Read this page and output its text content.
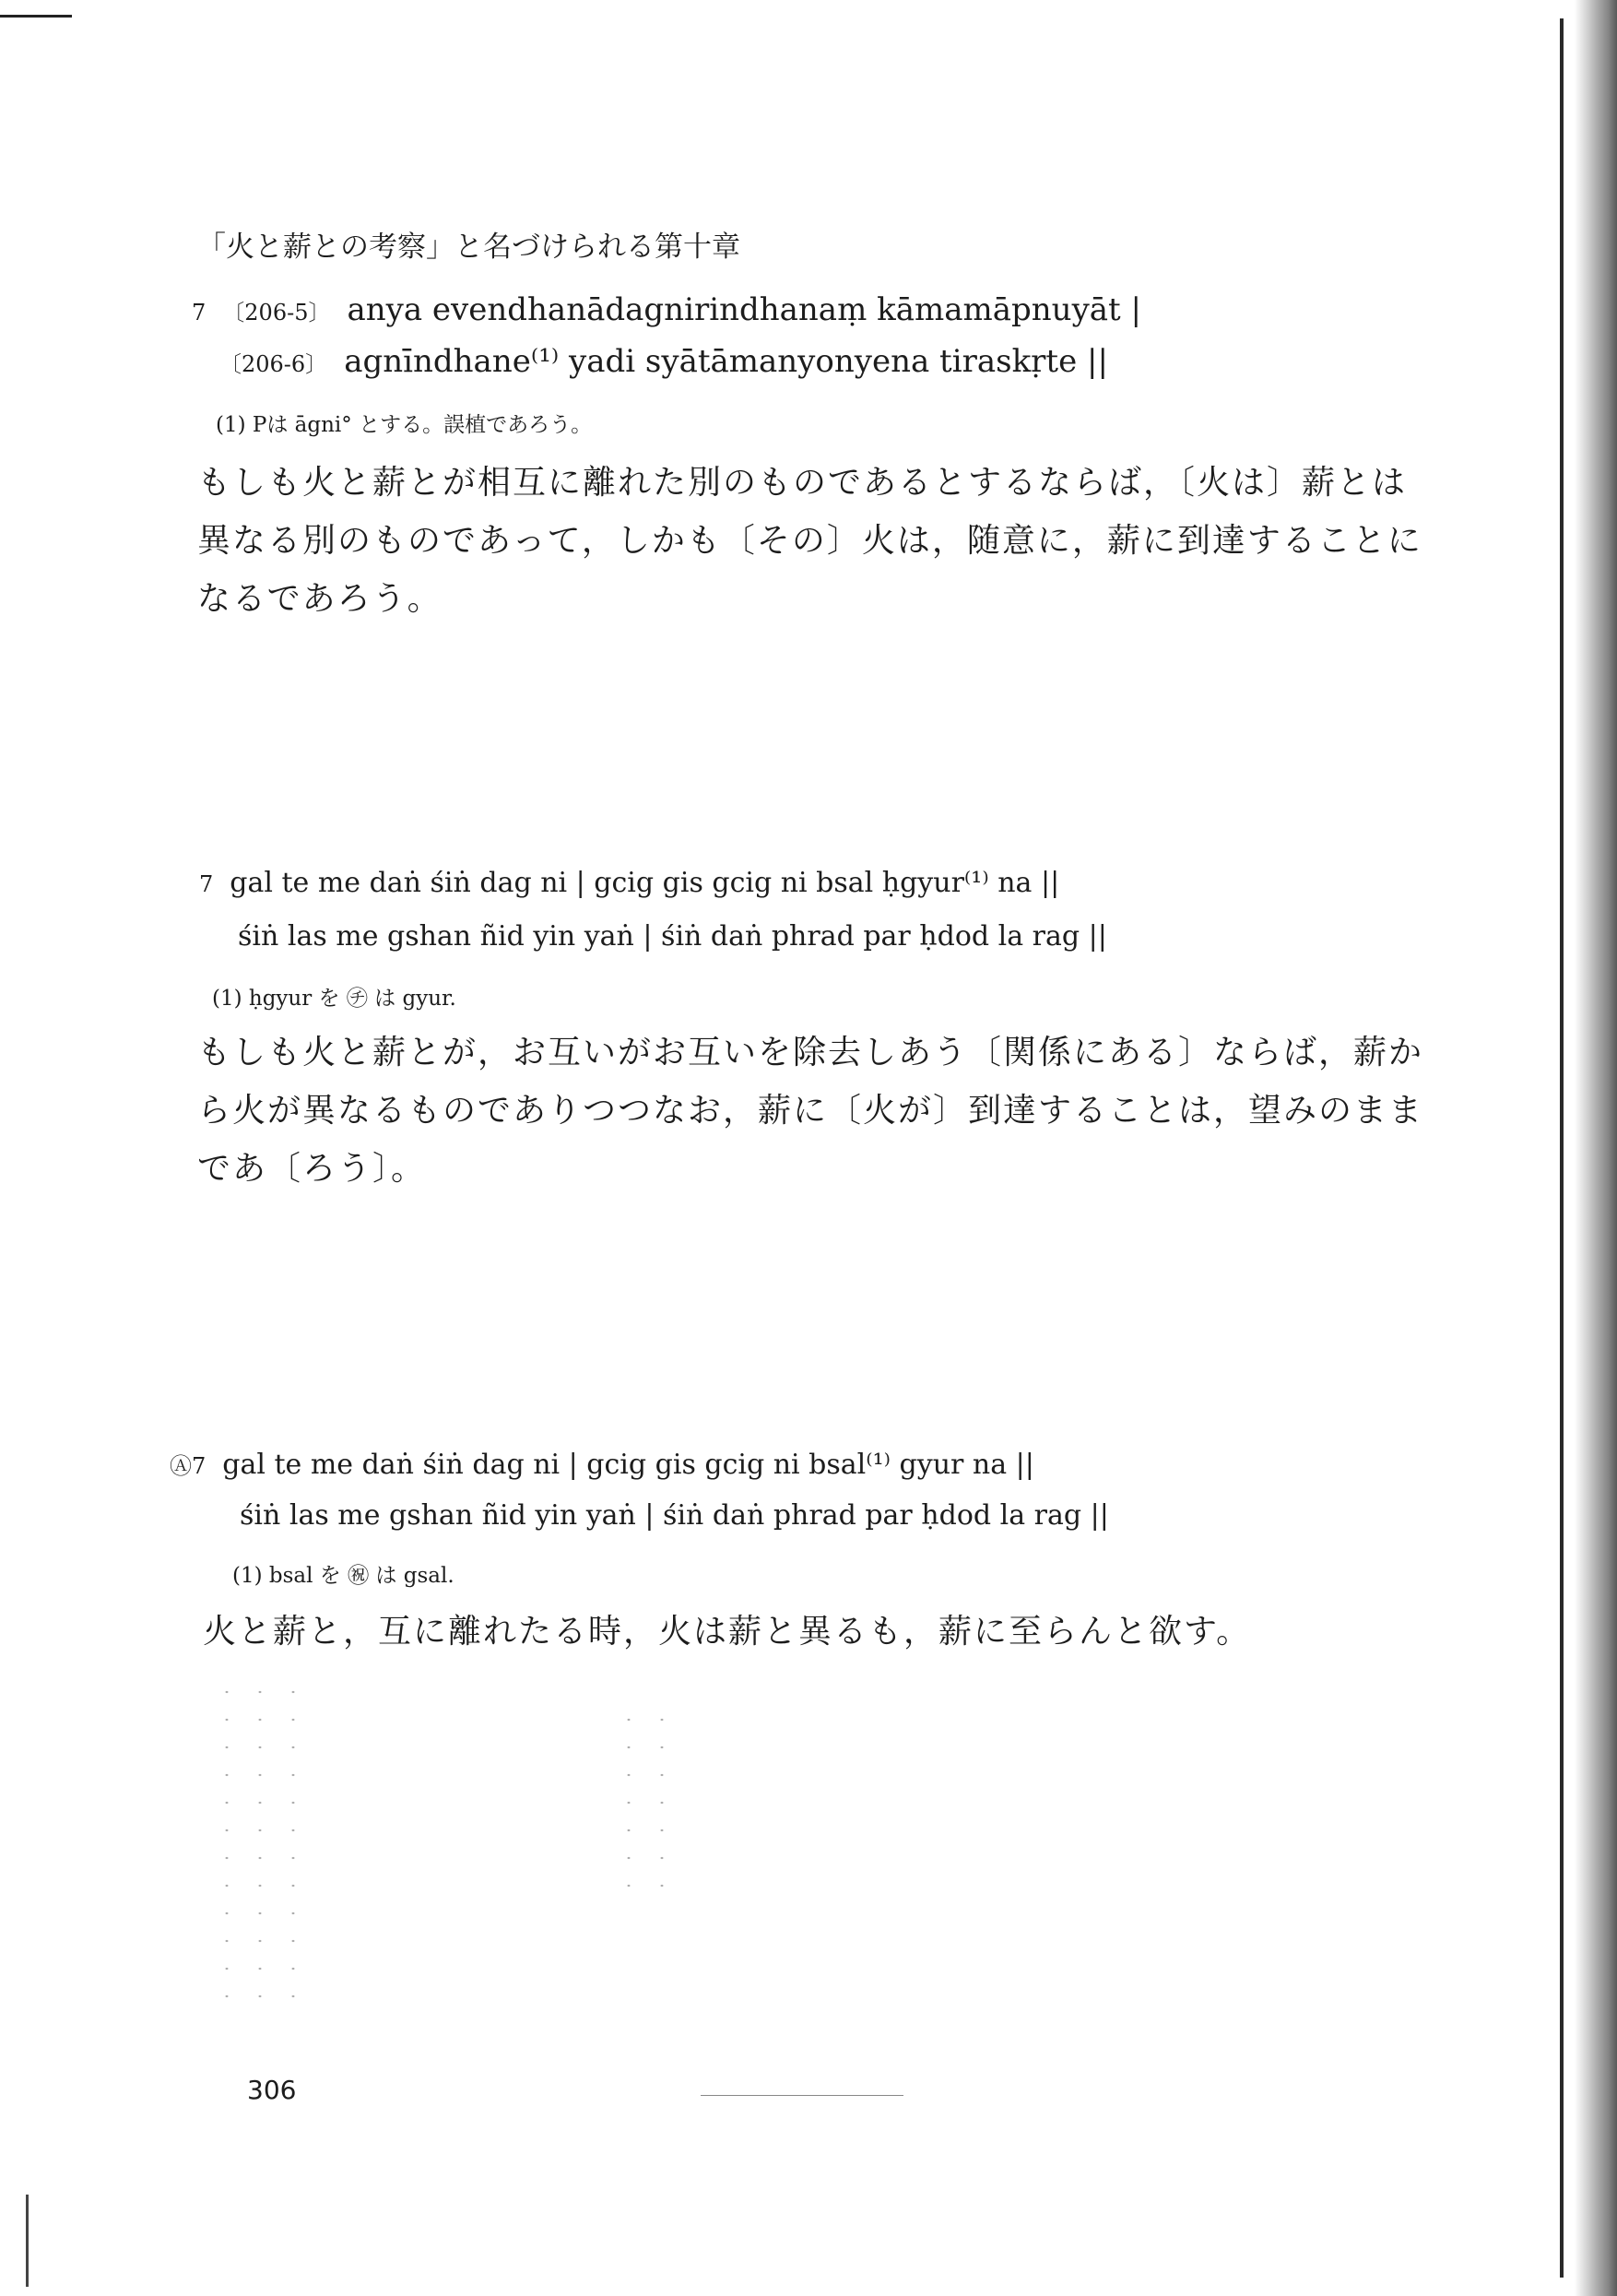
「火と薪との考察」と名づけられる第十章
7 〔206-5〕 anya evendhanādagnirindhanaṃ kāmamāpnuyāt |
〔206-6〕 agnīndhane⁽¹⁾ yadi syātāmanyonyena tiraskṛte ||
(1) Pは āgni° とする。誤植であろう。
もしも火と薪とが相互に離れた別のものであるとするならば，〔火は〕薪とは異なる別のものであって，しかも〔その〕火は，随意に，薪に到達することになるであろう。
7 gal te me daṅ śiṅ dag ni | gcig gis gcig ni bsal ḥgyur⁽¹⁾ na ||
śiṅ las me gshan ñid yin yaṅ | śiṅ daṅ phrad par ḥdod la rag ||
(1) ḥgyur を ㋠ は gyur.
もしも火と薪とが，お互いがお互いを除去しあう〔関係にある〕ならば，薪から火が異なるものでありつつなお，薪に〔火が〕到達することは，望みのままであ〔ろう〕。
Ⓐ7 gal te me daṅ śiṅ dag ni | gcig gis gcig ni bsal⁽¹⁾ gyur na ||
śiṅ las me gshan ñid yin yaṅ | śiṅ daṅ phrad par ḥdod la rag ||
(1) bsal を ㊗ は gsal.
火と薪と，互に離れたる時，火は薪と異るも，薪に至らんと欲す。
306
